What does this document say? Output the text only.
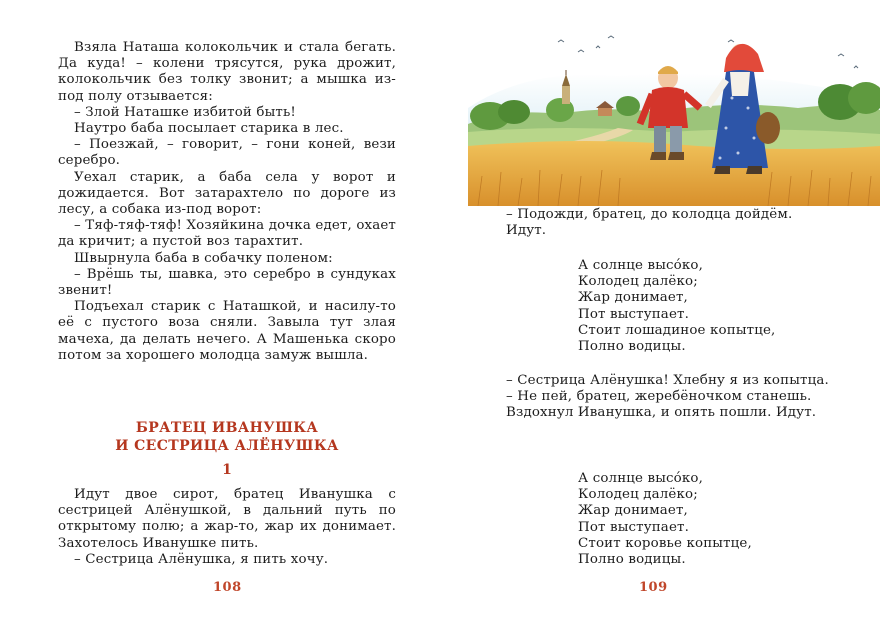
Взяла Наташа колокольчик и стала бегать. Да куда! – колени трясутся, рука дрожит, колокольчик без толку звонит; а мышка из-под полу отзывается:

– Злой Наташке избитой быть!

Наутро баба посылает старика в лес.

– Поезжай, – говорит, – гони коней, вези серебро.

Уехал старик, а баба села у ворот и дожидается. Вот затарахтело по дороге из лесу, а собака из-под ворот:

– Тяф-тяф-тяф! Хозяйкина дочка едет, охает да кричит; а пустой воз тарахтит.

Швырнула баба в собачку поленом:

– Врёшь ты, шавка, это серебро в сундуках звенит!

Подъехал старик с Наташкой, и насилу-то её с пустого воза сняли. Завыла тут злая мачеха, да делать нечего. А Машенька скоро потом за хорошего молодца замуж вышла.

БРАТЕЦ ИВАНУШКА
И СЕСТРИЦА АЛЁНУШКА
1

Идут двое сирот, братец Иванушка с сестрицей Алёнушкой, в дальний путь по открытому полю; а жар-то, жар их донимает. Захотелось Иванушке пить.

– Сестрица Алёнушка, я пить хочу.

108

– Подожди, братец, до колодца дойдём.

Идут.

А солнце высóко,
Колодец далёко;
Жар донимает,
Пот выступает.
Стоит лошадиное копытце,
Полно водицы.

– Сестрица Алёнушка! Хлебну я из копытца.

– Не пей, братец, жеребёночком станешь.

Вздохнул Иванушка, и опять пошли. Идут.

А солнце высóко,
Колодец далёко;
Жар донимает,
Пот выступает.
Стоит коровье копытце,
Полно водицы.
109
